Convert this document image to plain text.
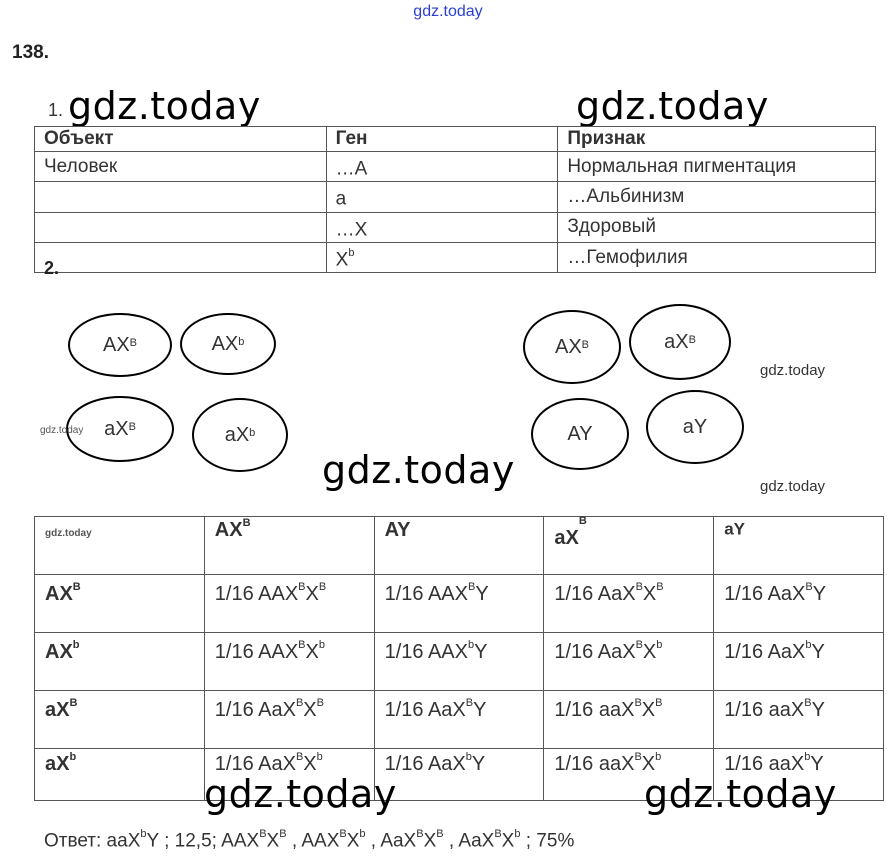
gdz.today
138.
1. gdz.today	gdz.today
Объект	Ген	Признак
Человек	…A	Нормальная пигментация
	a	…Альбинизм
	…X	Здоровый
	$X^b$	…Гемофилия
2.
$AX^B$	$AX^b$
$aX^B$	$aX^b$
gdz.today
$AX^B$	$aX^B$
AY	aY
gdz.today
gdz.today
gdz.today
gdz.today	$AX^B$	AY	$aX^B$	aY
$AX^B$	1/16 $AAX^BX^B$	1/16 $AAX^BY$	1/16 $AaX^BX^B$	1/16 AaX$^B$Y
$AX^b$	1/16 $AAX^BX^b$	1/16 AAX$^b$Y	1/16 $AaX^BX^b$	1/16 AaX$^b$Y
$aX^B$	1/16 $AaX^BX^B$	1/16 AaX$^B$Y	1/16 $aaX^BX^B$	1/16 aaX$^B$Y
$aX^b$	1/16 $AaX^BX^b$	1/16 AaX$^b$Y	1/16 $aaX^BX^b$	1/16 aaX$^b$Y
gdz.today	gdz.today
Ответ: aaX$^b$Y ; 12,5; $AAX^BX^B$ , $AAX^BX^b$ , $AaX^BX^B$ , $AaX^BX^b$ ; 75%
